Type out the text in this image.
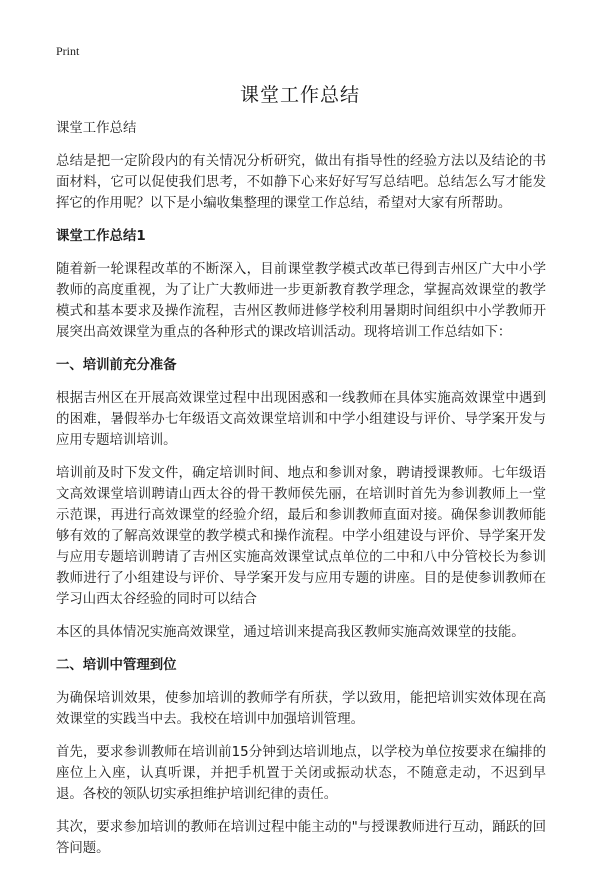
Print
课堂工作总结

课堂工作总结

总结是把一定阶段内的有关情况分析研究，做出有指导性的经验方法以及结论的书面材料，它可以促使我们思考，不如静下心来好好写写总结吧。总结怎么写才能发挥它的作用呢？以下是小编收集整理的课堂工作总结，希望对大家有所帮助。

课堂工作总结1

随着新一轮课程改革的不断深入，目前课堂教学模式改革已得到吉州区广大中小学教师的高度重视，为了让广大教师进一步更新教育教学理念，掌握高效课堂的教学模式和基本要求及操作流程，吉州区教师进修学校利用暑期时间组织中小学教师开展突出高效课堂为重点的各种形式的课改培训活动。现将培训工作总结如下：

一、培训前充分准备

根据吉州区在开展高效课堂过程中出现困惑和一线教师在具体实施高效课堂中遇到的困难，暑假举办七年级语文高效课堂培训和中学小组建设与评价、导学案开发与应用专题培训培训。

培训前及时下发文件，确定培训时间、地点和参训对象，聘请授课教师。七年级语文高效课堂培训聘请山西太谷的骨干教师侯先丽，在培训时首先为参训教师上一堂示范课，再进行高效课堂的经验介绍，最后和参训教师直面对接。确保参训教师能够有效的了解高效课堂的教学模式和操作流程。中学小组建设与评价、导学案开发与应用专题培训聘请了吉州区实施高效课堂试点单位的二中和八中分管校长为参训教师进行了小组建设与评价、导学案开发与应用专题的讲座。目的是使参训教师在学习山西太谷经验的同时可以结合

本区的具体情况实施高效课堂，通过培训来提高我区教师实施高效课堂的技能。

二、培训中管理到位

为确保培训效果，使参加培训的教师学有所获，学以致用，能把培训实效体现在高效课堂的实践当中去。我校在培训中加强培训管理。

首先，要求参训教师在培训前15分钟到达培训地点，以学校为单位按要求在编排的座位上入座，认真听课，并把手机置于关闭或振动状态，不随意走动，不迟到早退。各校的领队切实承担维护培训纪律的责任。

其次，要求参加培训的教师在培训过程中能主动的"与授课教师进行互动，踊跃的回答问题。
